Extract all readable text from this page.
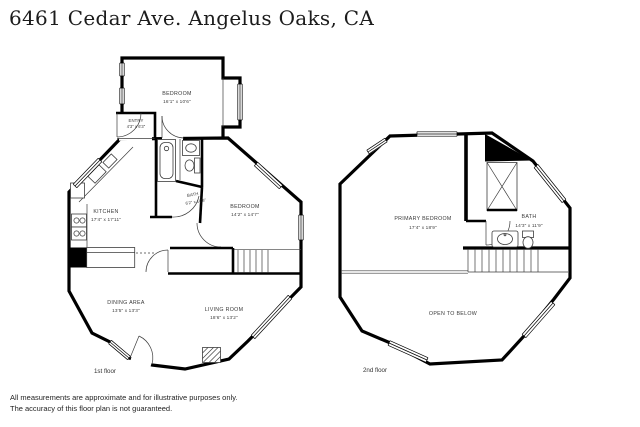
6461 Cedar Ave. Angelus Oaks, CA
BEDROOM
16'1" x 10'6"
ENTRY
4'3" x 6'3"
KITCHEN
17'4" x 17'11"
BATH
6'2" x 10'8"
BEDROOM
14'2" x 14'7"
DINING AREA
13'5" x 13'3"	LIVING ROOM
18'6" x 13'2"
1st floor
PRIMARY BEDROOM
17'4" x 18'9"
BATH
14'3" x 11'9"
OPEN TO BELOW
2nd floor
All measurements are approximate and for illustrative purposes only.
The accuracy of this floor plan is not guaranteed.
